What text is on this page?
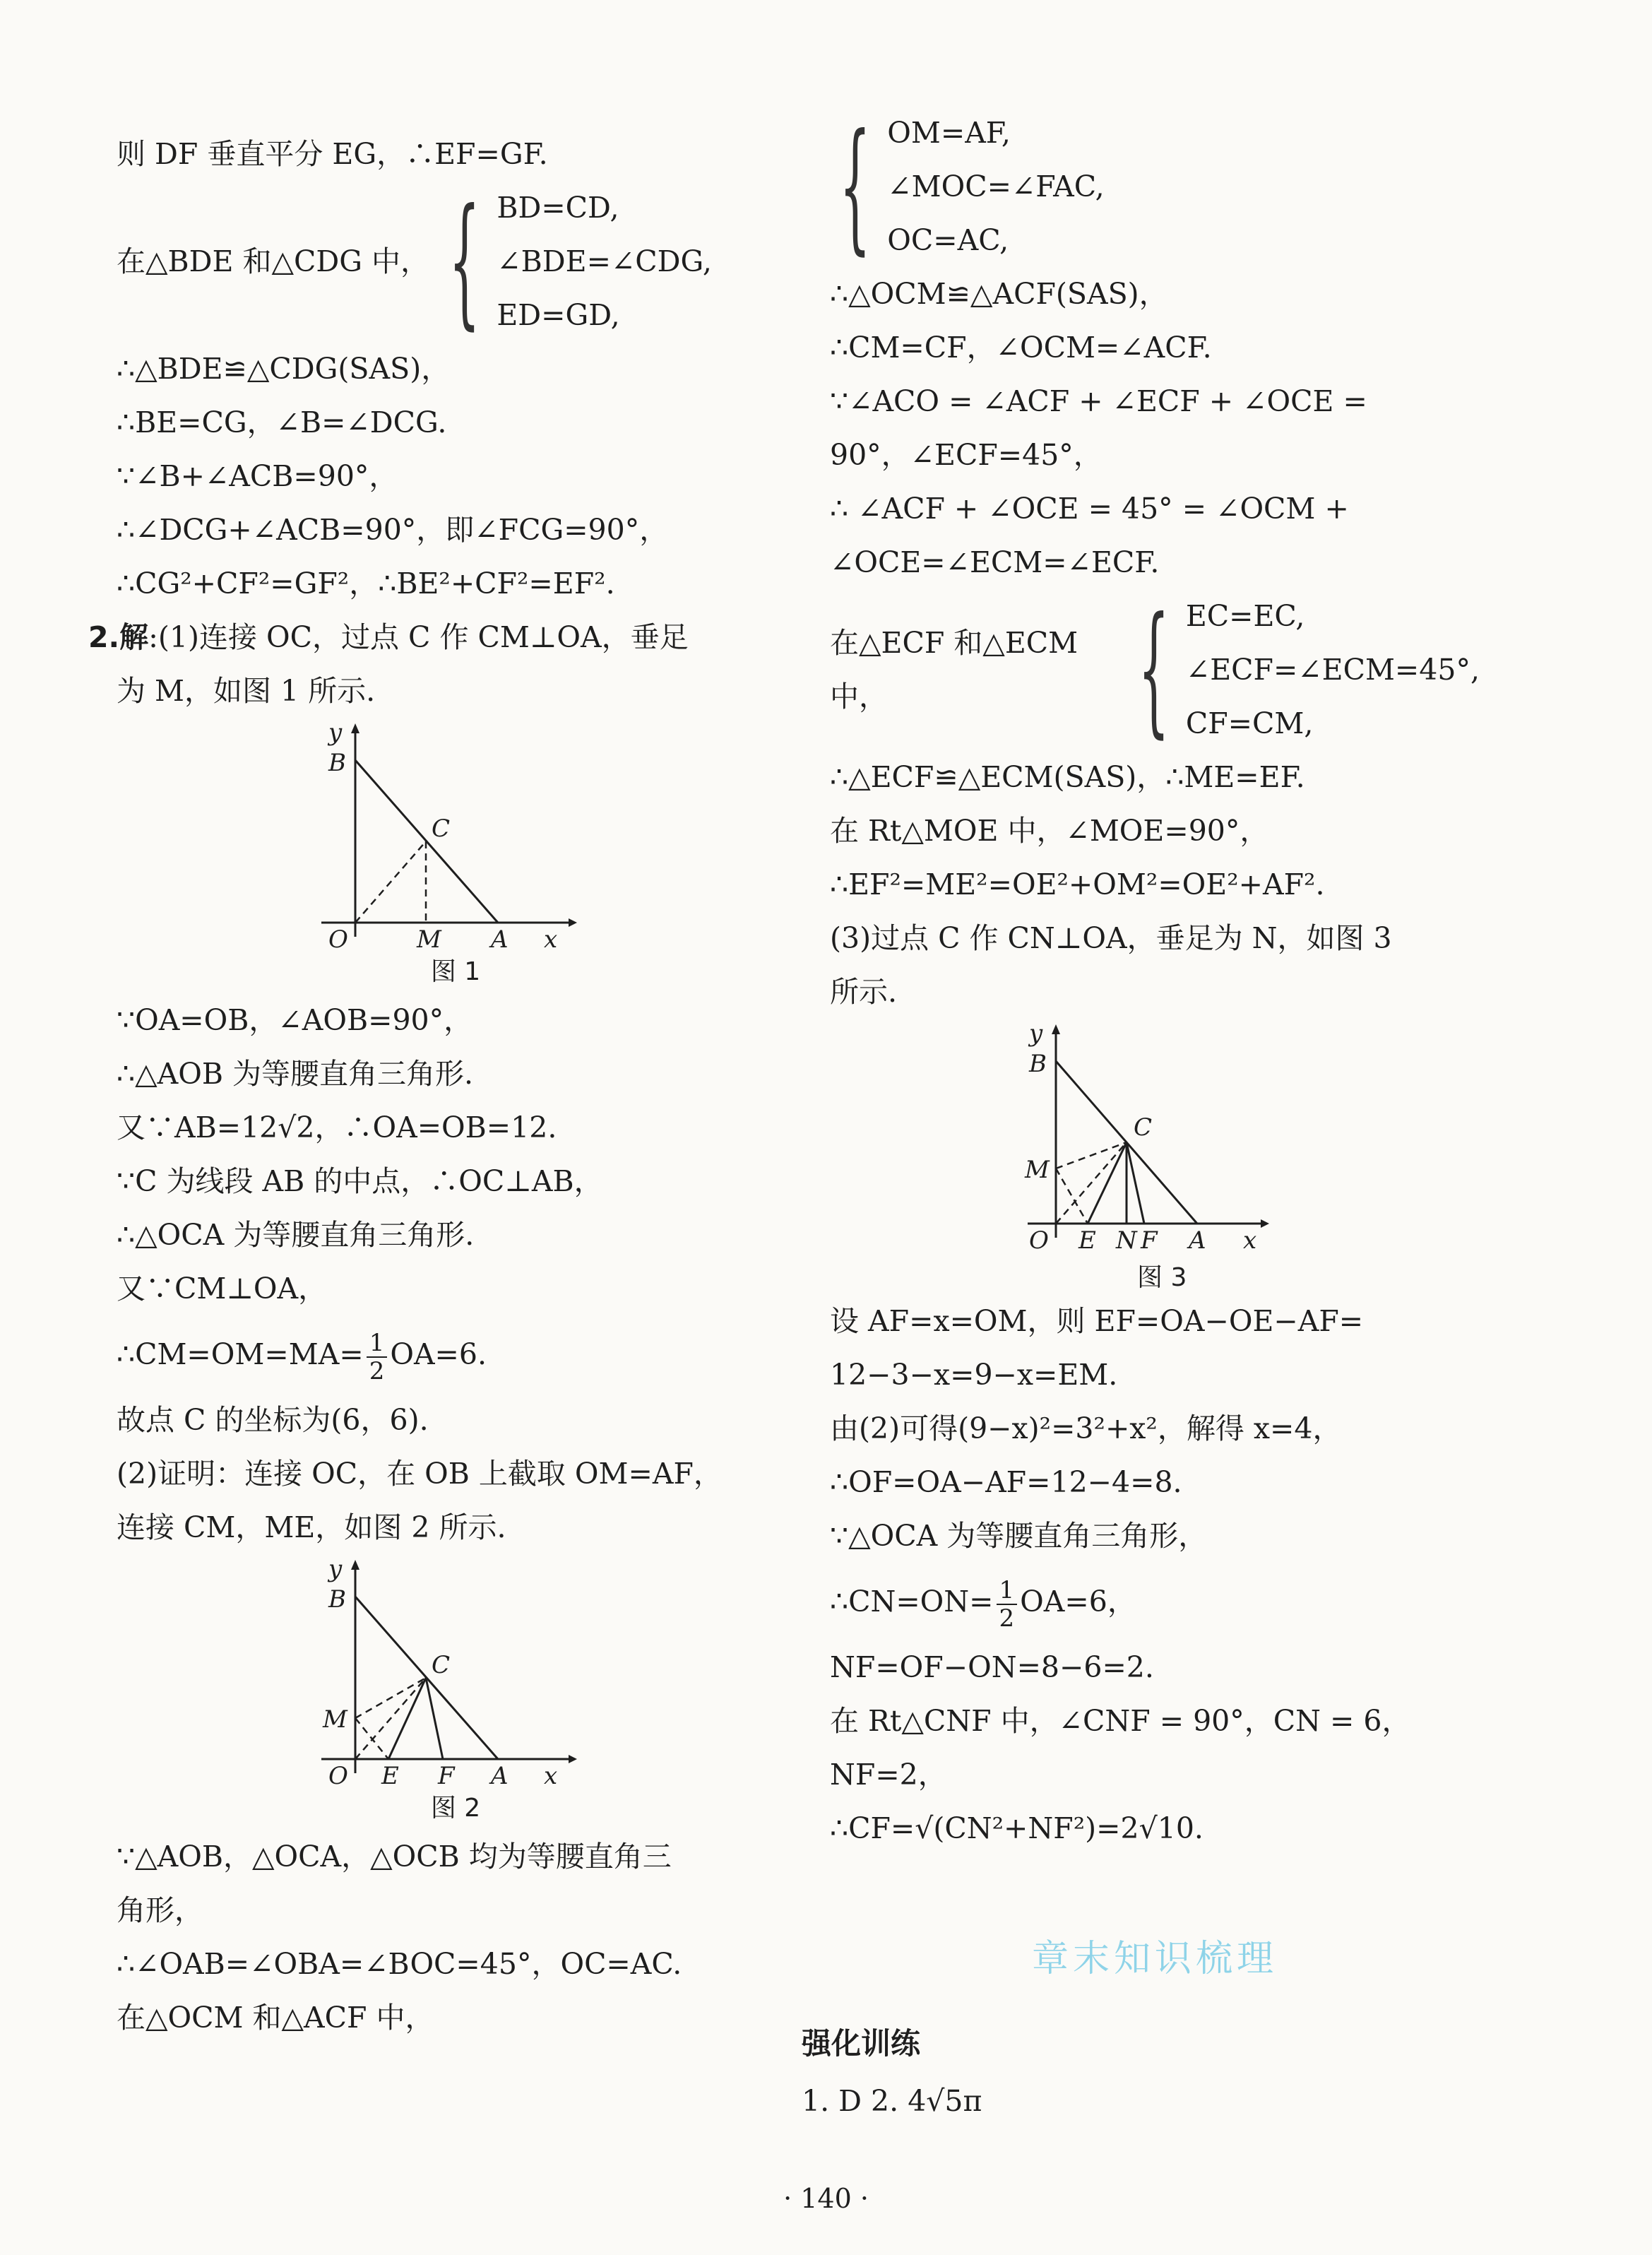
则 DF 垂直平分 EG，∴EF=GF.
在△BDE 和△CDG 中， { BD=CD,
∠BDE=∠CDG,
ED=GD,
∴△BDE≌△CDG(SAS)，
∴BE=CG，∠B=∠DCG.
∵∠B+∠ACB=90°，
∴∠DCG+∠ACB=90°，即∠FCG=90°，
∴CG²+CF²=GF²，∴BE²+CF²=EF².
2.解:(1)连接 OC，过点 C 作 CM⊥OA，垂足
为 M，如图 1 所示.
y
B
C
O	M A x
图 1
∵OA=OB，∠AOB=90°，
∴△AOB 为等腰直角三角形.
又∵AB=12√2，∴OA=OB=12.
∵C 为线段 AB 的中点，∴OC⊥AB，
∴△OCA 为等腰直角三角形.
又∵CM⊥OA，
∴CM=OM=MA= $\frac{1}{2} OA=6$.
故点 C 的坐标为(6，6).
(2)证明：连接 OC，在 OB 上截取 OM=AF，
连接 CM，ME，如图 2 所示.
y
B
C
M
O E F A x
图 2
∵△AOB，△OCA，△OCB 均为等腰直角三
角形，
∴∠OAB=∠OBA=∠BOC=45°，OC=AC.
在△OCM 和△ACF 中，
{ OM=AF,
∠MOC=∠FAC,
OC=AC,
∴△OCM≌△ACF(SAS)，
∴CM=CF，∠OCM=∠ACF.
∵∠ACO = ∠ACF + ∠ECF + ∠OCE =
90°，∠ECF=45°，
∴ ∠ACF + ∠OCE = 45° = ∠OCM +
∠OCE=∠ECM=∠ECF.
在△ECF 和△ECM 中，	{ EC=EC,
∠ECF=∠ECM=45°,
CF=CM,
∴△ECF≌△ECM(SAS)，∴ME=EF.
在 Rt△MOE 中，∠MOE=90°，
∴EF²=ME²=OE²+OM²=OE²+AF².
(3)过点 C 作 CN⊥OA，垂足为 N，如图 3
所示.
y
B
C
M
O E N F A x
图 3
设 AF=x=OM，则 EF=OA−OE−AF=
12−3−x=9−x=EM.
由(2)可得(9−x)²=3²+x²，解得 x=4，
∴OF=OA−AF=12−4=8.
∵△OCA 为等腰直角三角形，
∴CN=ON= $\frac{1}{2} OA=6$，
NF=OF−ON=8−6=2.
在 Rt△CNF 中，∠CNF = 90°，CN = 6，
NF=2，
∴CF=√(CN²+NF²)=2√10.
章末知识梳理
强化训练
1. D 2. 4√5π
· 140 ·
